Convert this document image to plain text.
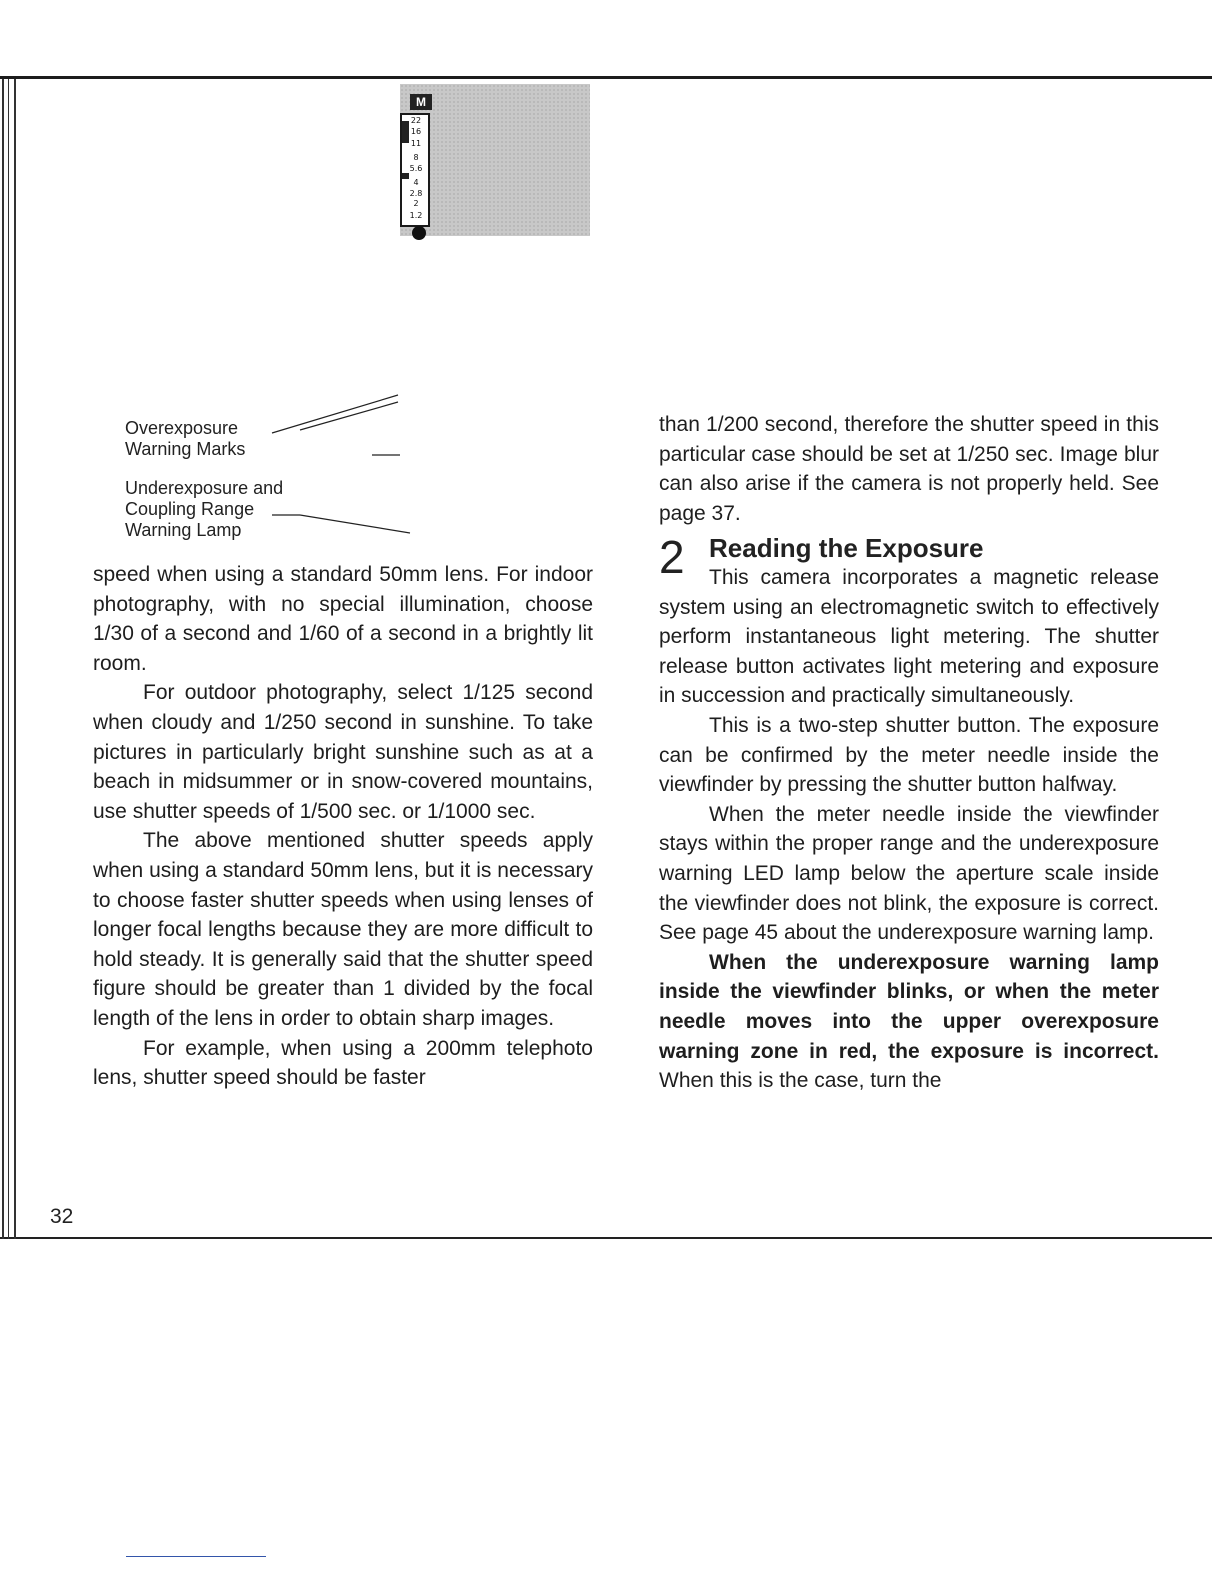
M
22
16
11
8
5.6
4
2.8
2
1.2
Overexposure
Warning Marks
Underexposure and
Coupling Range
Warning Lamp

speed when using a standard 50mm lens. For indoor photography, with no special illumination, choose 1/30 of a second and 1/60 of a second in a brightly lit room.

For outdoor photography, select 1/125 second when cloudy and 1/250 second in sunshine. To take pictures in particularly bright sunshine such as at a beach in midsummer or in snow-covered mountains, use shutter speeds of 1/500 sec. or 1/1000 sec.

The above mentioned shutter speeds apply when using a standard 50mm lens, but it is necessary to choose faster shutter speeds when using lenses of longer focal lengths because they are more difficult to hold steady. It is generally said that the shutter speed figure should be greater than 1 divided by the focal length of the lens in order to obtain sharp images.

For example, when using a 200mm telephoto lens, shutter speed should be faster

than 1/200 second, therefore the shutter speed in this particular case should be set at 1/250 sec. Image blur can also arise if the camera is not properly held. See page 37.

2 Reading the Exposure

This camera incorporates a magnetic release system using an electromagnetic switch to effectively perform instantaneous light metering. The shutter release button activates light metering and exposure in succession and practically simultaneously.

This is a two-step shutter button. The exposure can be confirmed by the meter needle inside the viewfinder by pressing the shutter button halfway.

When the meter needle inside the viewfinder stays within the proper range and the underexposure warning LED lamp below the aperture scale inside the viewfinder does not blink, the exposure is correct. See page 45 about the underexposure warning lamp.

When the underexposure warning lamp inside the viewfinder blinks, or when the meter needle moves into the upper overexposure warning zone in red, the exposure is incorrect. When this is the case, turn the

32
